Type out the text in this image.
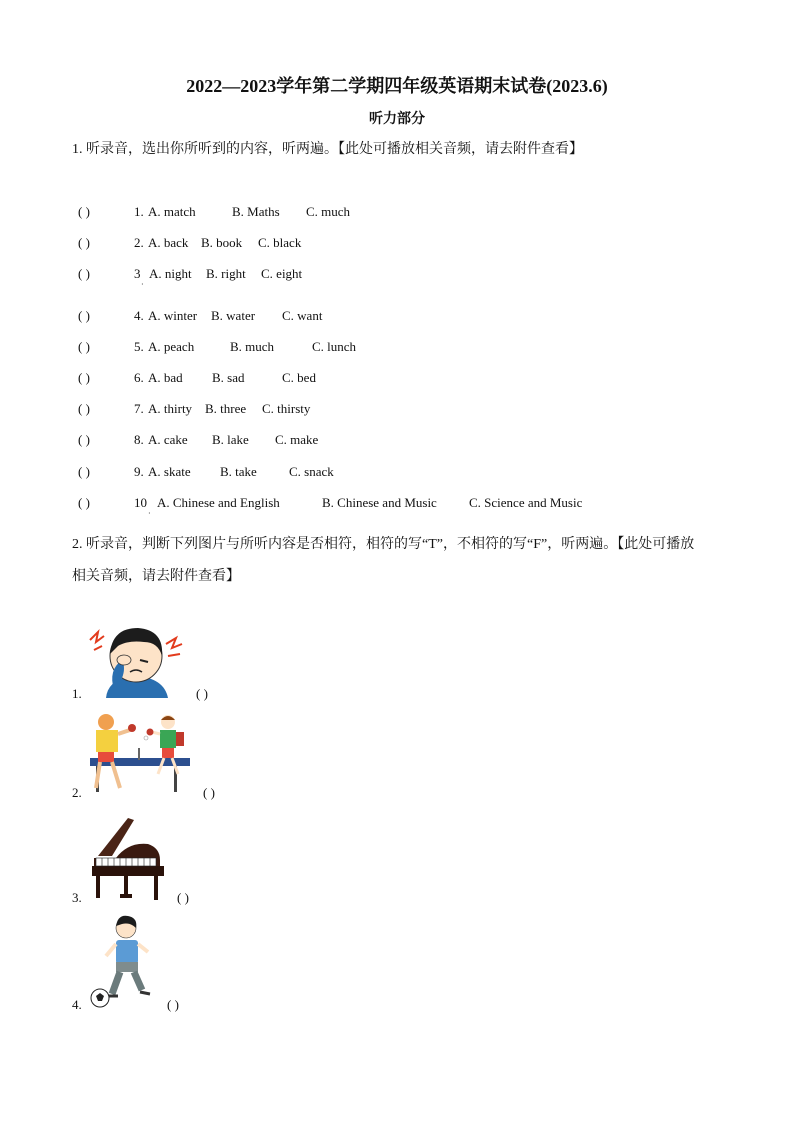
2022—2023学年第二学期四年级英语期末试卷(2023.6)
听力部分
1. 听录音，选出你所听到的内容，听两遍。【此处可播放相关音频，请去附件查看】
( )	1. A. match	B. Maths C. much
( )	2. A. back B. book C. black
( )	3 A. night B. right C. eight
·
( )	4. A. winter B. water C. want
( )	5. A. peach	B. much	C. lunch
( )	6. A. bad B. sad	C. bed
( )	7. A. thirty B. three C. thirsty
( )	8. A. cake B. lake C. make
( )	9. A. skate B. take C. snack
( )	10 A. Chinese and English	B. Chinese and Music C. Science and Music
·
2. 听录音，判断下列图片与所听内容是否相符，相符的写“T”，不相符的写“F”，听两遍。【此处可播放
相关音频，请去附件查看】
1.	( )
2.	( )
3.	( )
4.	( )
